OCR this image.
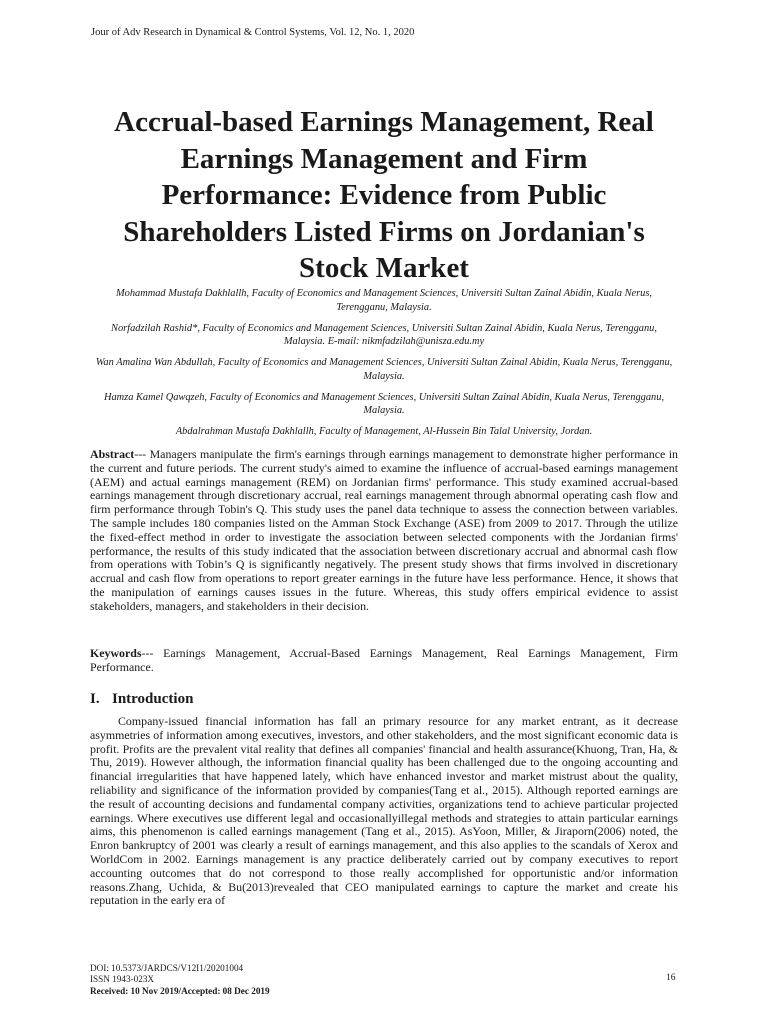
Jour of Adv Research in Dynamical & Control Systems, Vol. 12, No. 1, 2020
Accrual-based Earnings Management, Real
Earnings Management and Firm
Performance: Evidence from Public
Shareholders Listed Firms on Jordanian's
Stock Market
Mohammad Mustafa Dakhlallh, Faculty of Economics and Management Sciences, Universiti Sultan Zainal Abidin, Kuala Nerus, Terengganu, Malaysia.
Norfadzilah Rashid*, Faculty of Economics and Management Sciences, Universiti Sultan Zainal Abidin, Kuala Nerus, Terengganu, Malaysia. E-mail: nikmfadzilah@unisza.edu.my
Wan Amalina Wan Abdullah, Faculty of Economics and Management Sciences, Universiti Sultan Zainal Abidin, Kuala Nerus, Terengganu, Malaysia.
Hamza Kamel Qawqzeh, Faculty of Economics and Management Sciences, Universiti Sultan Zainal Abidin, Kuala Nerus, Terengganu, Malaysia.
Abdalrahman Mustafa Dakhlallh, Faculty of Management, Al-Hussein Bin Talal University, Jordan.
Abstract--- Managers manipulate the firm's earnings through earnings management to demonstrate higher performance in the current and future periods. The current study's aimed to examine the influence of accrual-based earnings management (AEM) and actual earnings management (REM) on Jordanian firms' performance. This study examined accrual-based earnings management through discretionary accrual, real earnings management through abnormal operating cash flow and firm performance through Tobin's Q. This study uses the panel data technique to assess the connection between variables. The sample includes 180 companies listed on the Amman Stock Exchange (ASE) from 2009 to 2017. Through the utilize the fixed-effect method in order to investigate the association between selected components with the Jordanian firms' performance, the results of this study indicated that the association between discretionary accrual and abnormal cash flow from operations with Tobin’s Q is significantly negatively. The present study shows that firms involved in discretionary accrual and cash flow from operations to report greater earnings in the future have less performance. Hence, it shows that the manipulation of earnings causes issues in the future. Whereas, this study offers empirical evidence to assist stakeholders, managers, and stakeholders in their decision.
Keywords--- Earnings Management, Accrual-Based Earnings Management, Real Earnings Management, Firm Performance.
I. Introduction
Company-issued financial information has fall an primary resource for any market entrant, as it decrease asymmetries of information among executives, investors, and other stakeholders, and the most significant economic data is profit. Profits are the prevalent vital reality that defines all companies' financial and health assurance(Khuong, Tran, Ha, & Thu, 2019). However although, the information financial quality has been challenged due to the ongoing accounting and financial irregularities that have happened lately, which have enhanced investor and market mistrust about the quality, reliability and significance of the information provided by companies(Tang et al., 2015). Although reported earnings are the result of accounting decisions and fundamental company activities, organizations tend to achieve particular projected earnings. Where executives use different legal and occasionallyillegal methods and strategies to attain particular earnings aims, this phenomenon is called earnings management (Tang et al., 2015). AsYoon, Miller, & Jiraporn(2006) noted, the Enron bankruptcy of 2001 was clearly a result of earnings management, and this also applies to the scandals of Xerox and WorldCom in 2002. Earnings management is any practice deliberately carried out by company executives to report accounting outcomes that do not correspond to those really accomplished for opportunistic and/or information reasons.Zhang, Uchida, & Bu(2013)revealed that CEO manipulated earnings to capture the market and create his reputation in the early era of
DOI: 10.5373/JARDCS/V12I1/20201004
ISSN 1943-023X
Received: 10 Nov 2019/Accepted: 08 Dec 2019
16
